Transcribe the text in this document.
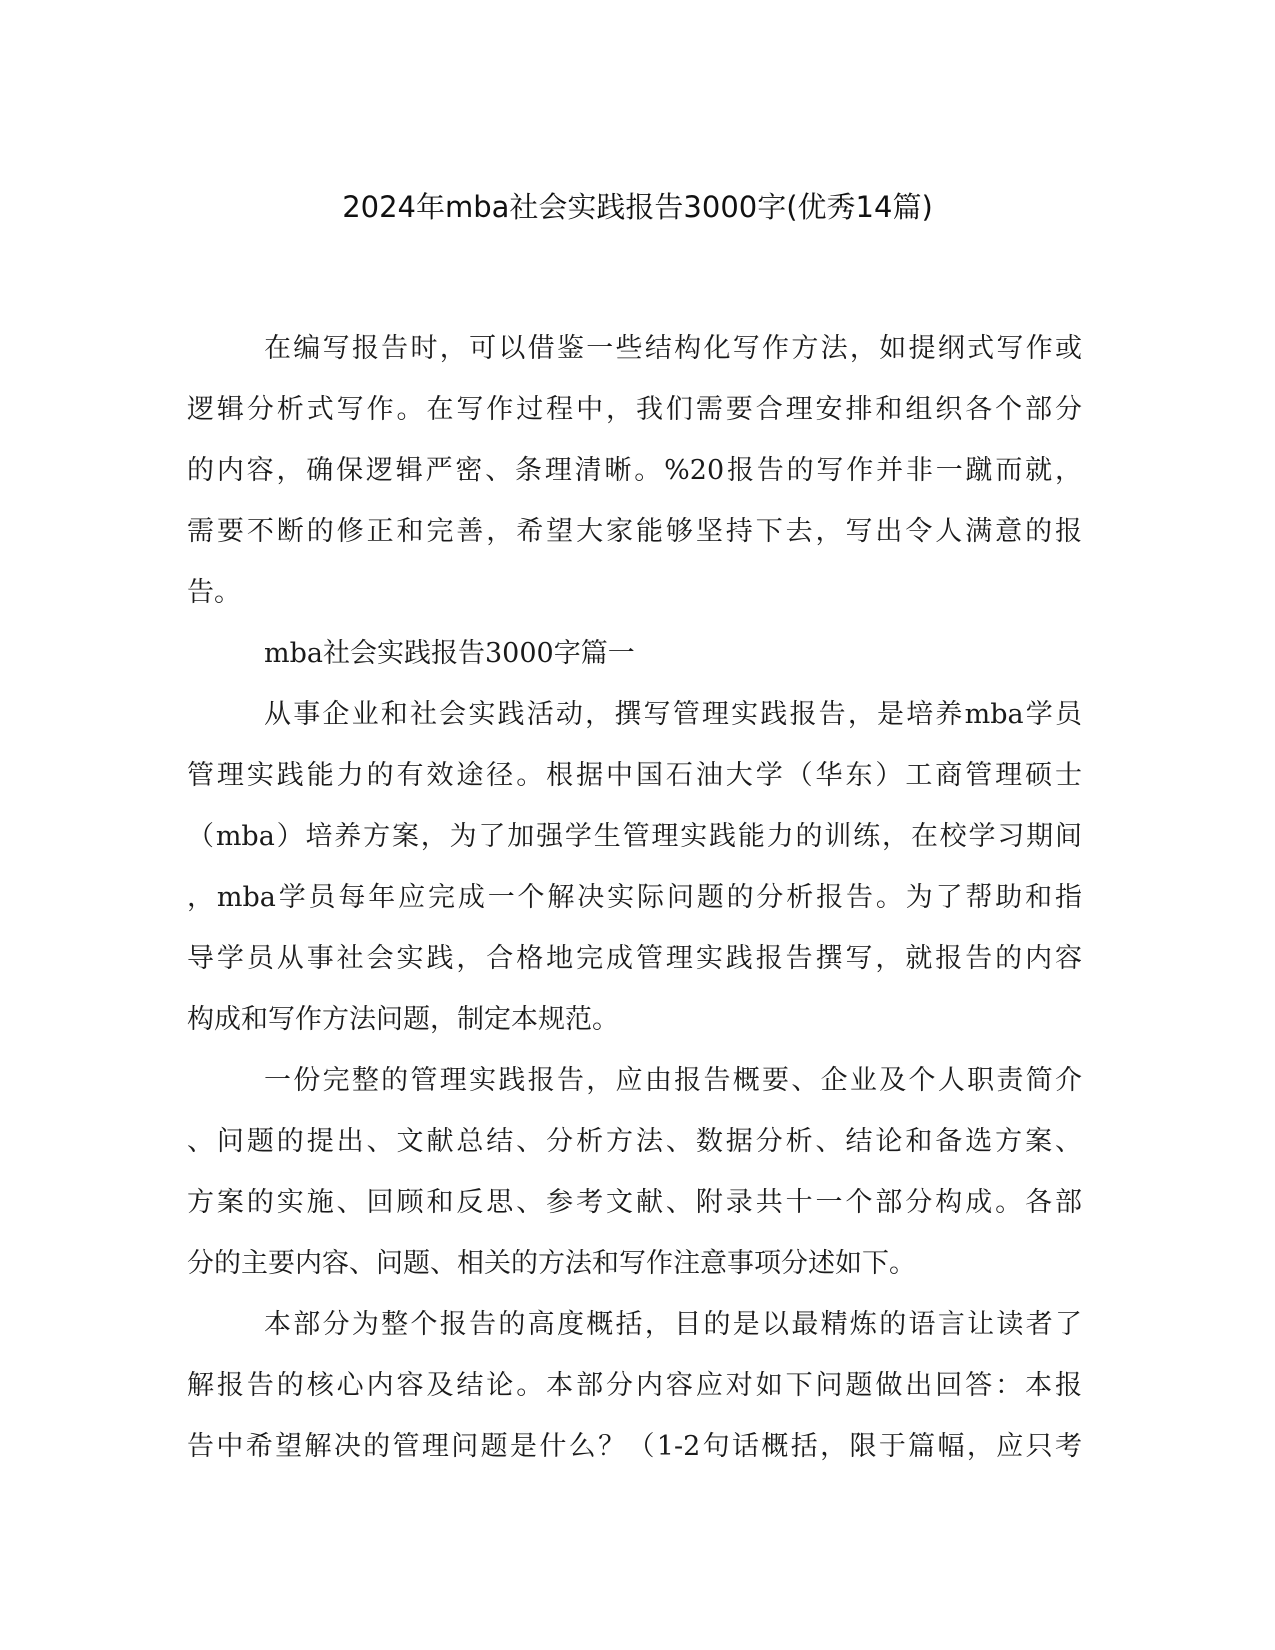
2024年mba社会实践报告3000字(优秀14篇)
在编写报告时，可以借鉴一些结构化写作方法，如提纲式写作或
逻辑分析式写作。在写作过程中，我们需要合理安排和组织各个部分
的内容，确保逻辑严密、条理清晰。%20报告的写作并非一蹴而就，
需要不断的修正和完善，希望大家能够坚持下去，写出令人满意的报
告。
mba社会实践报告3000字篇一
从事企业和社会实践活动，撰写管理实践报告，是培养mba学员
管理实践能力的有效途径。根据中国石油大学（华东）工商管理硕士
（mba）培养方案，为了加强学生管理实践能力的训练，在校学习期间
，mba学员每年应完成一个解决实际问题的分析报告。为了帮助和指
导学员从事社会实践，合格地完成管理实践报告撰写，就报告的内容
构成和写作方法问题，制定本规范。
一份完整的管理实践报告，应由报告概要、企业及个人职责简介
、问题的提出、文献总结、分析方法、数据分析、结论和备选方案、
方案的实施、回顾和反思、参考文献、附录共十一个部分构成。各部
分的主要内容、问题、相关的方法和写作注意事项分述如下。
本部分为整个报告的高度概括，目的是以最精炼的语言让读者了
解报告的核心内容及结论。本部分内容应对如下问题做出回答：本报
告中希望解决的管理问题是什么？（1-2句话概括，限于篇幅，应只考
